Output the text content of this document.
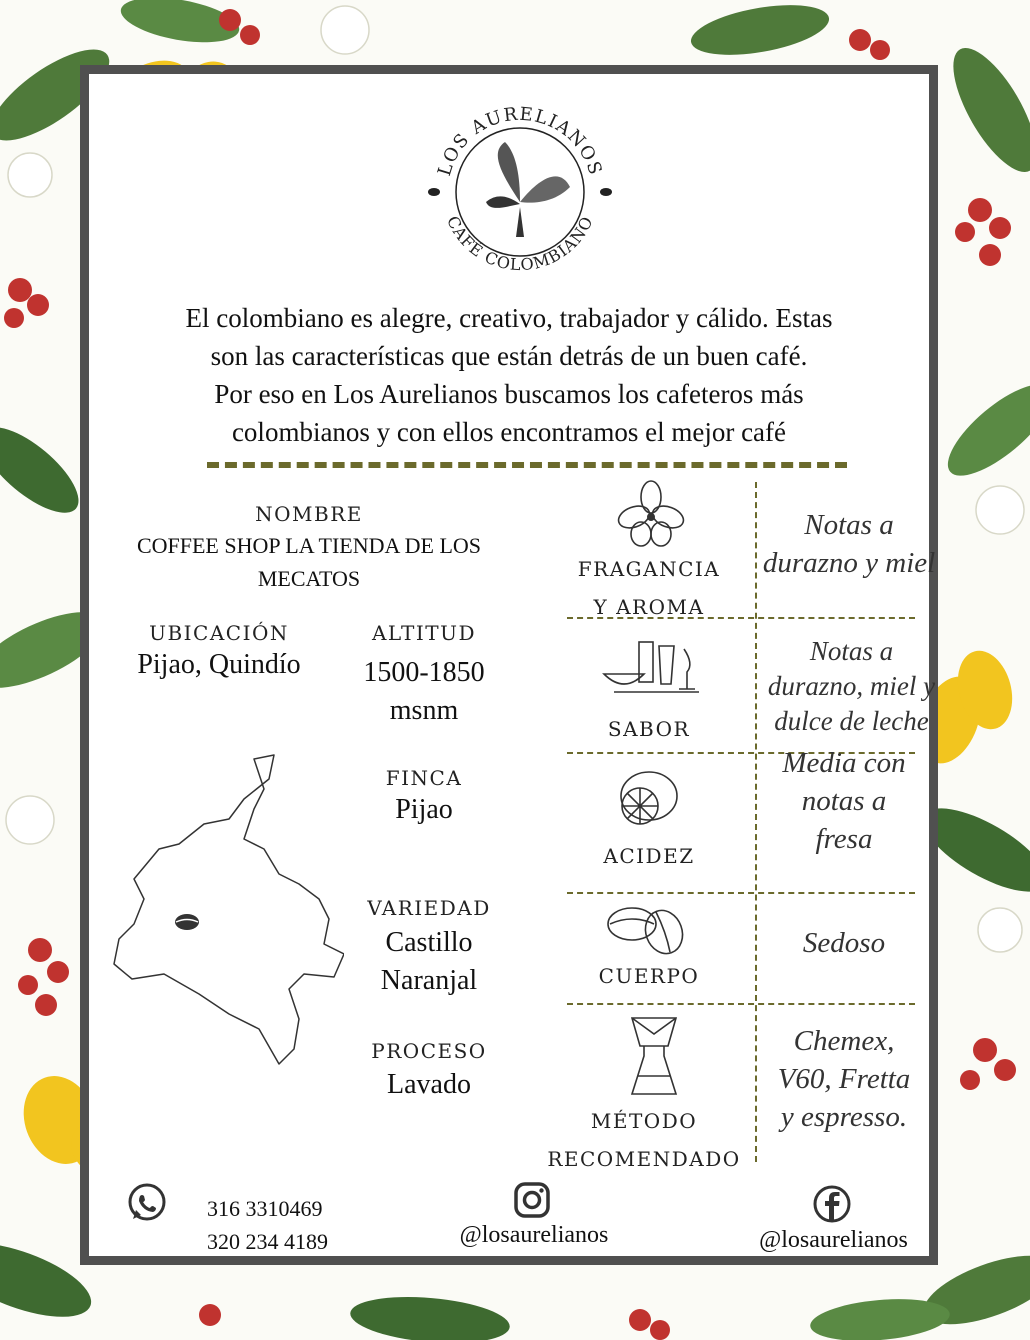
LOS AURELIANOS
CAFÉ COLOMBIANO
El colombiano es alegre, creativo, trabajador y cálido. Estas
son las características que están detrás de un buen café.
Por eso en Los Aurelianos buscamos los cafeteros más
colombianos y con ellos encontramos el mejor café
NOMBRE
COFFEE SHOP LA TIENDA DE LOS
MECATOS
UBICACIÓN
Pijao, Quindío
ALTITUD
1500-1850
msnm
FINCA
Pijao
VARIEDAD
Castillo
Naranjal
PROCESO
Lavado
FRAGANCIA
Y AROMA
Notas a
durazno y miel
SABOR
Notas a
durazno, miel y
dulce de leche
ACIDEZ
Media con
notas a
fresa
CUERPO
Sedoso
MÉTODO
RECOMENDADO
Chemex,
V60, Fretta
y espresso.
316 3310469
320 234 4189	@losaurelianos	@losaurelianos
